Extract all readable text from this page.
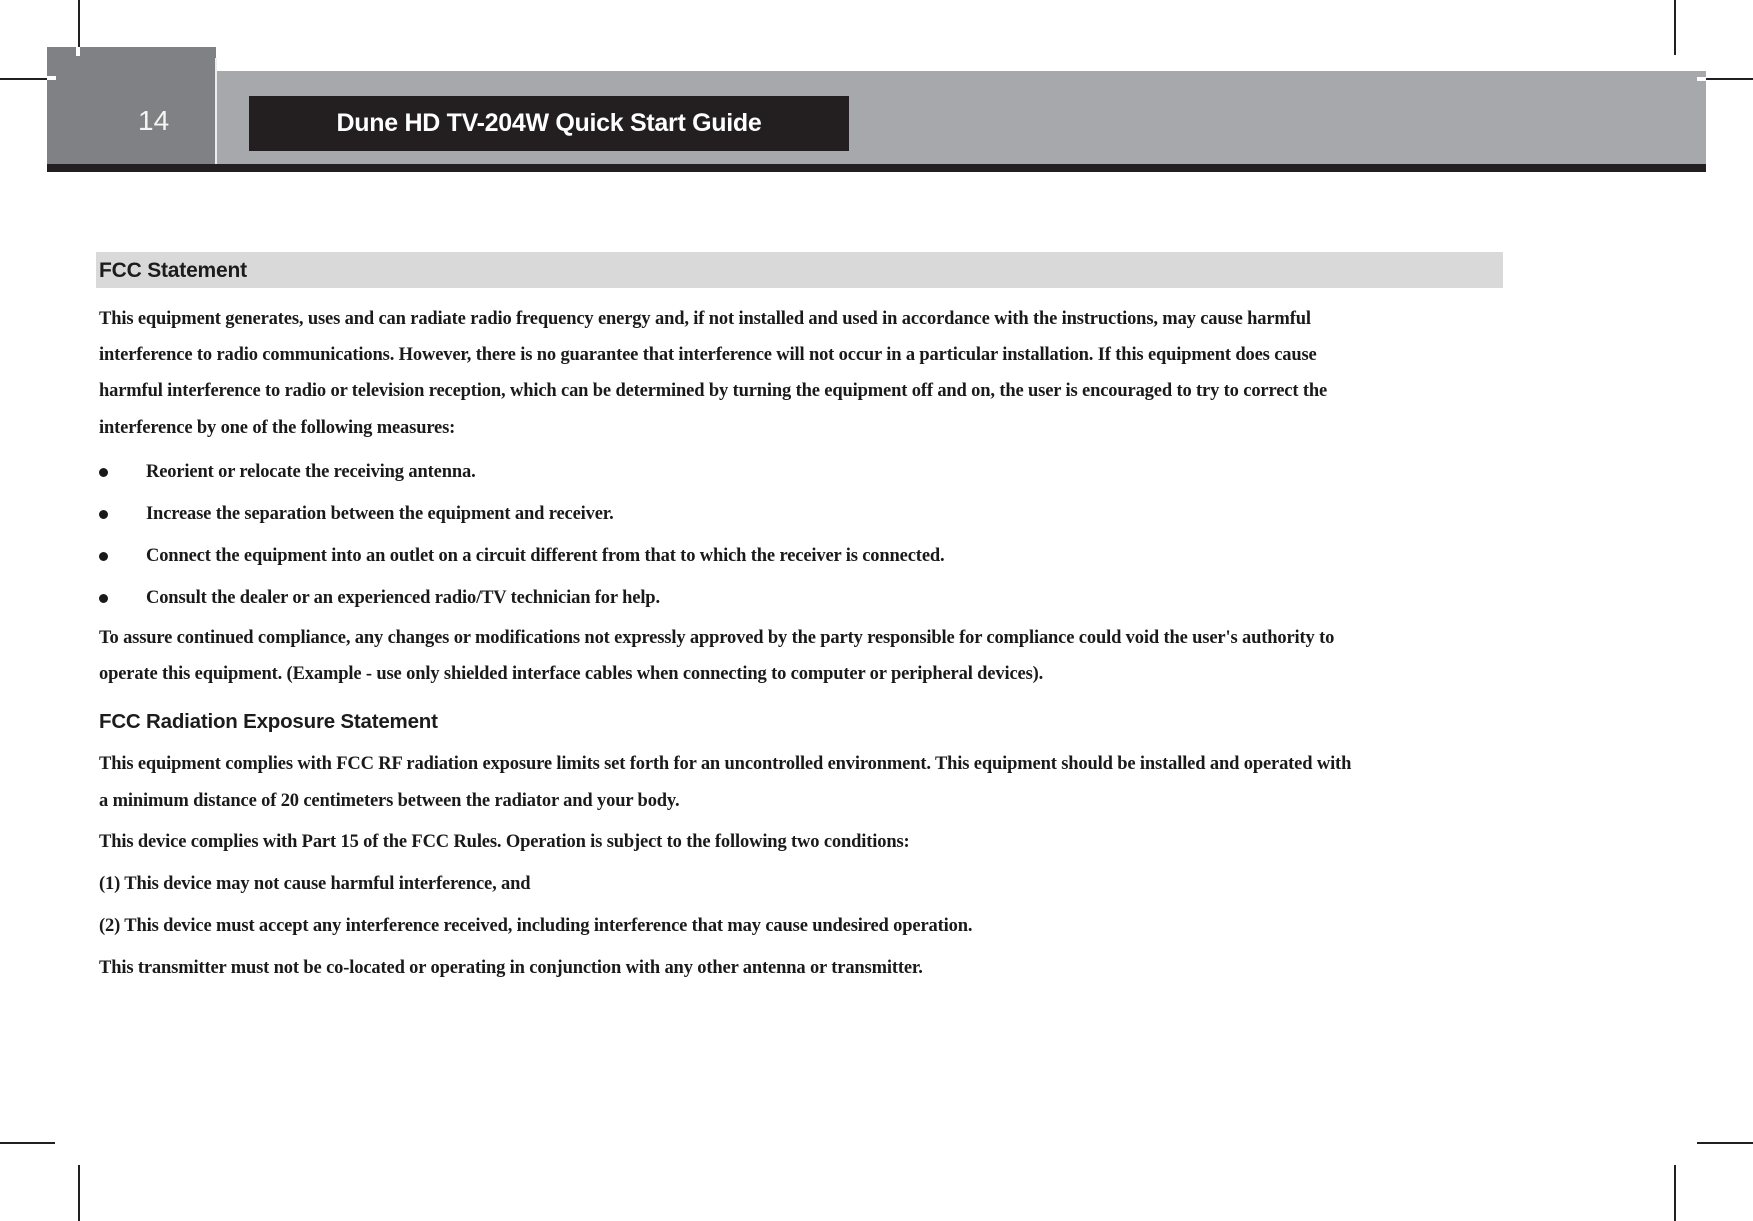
14	Dune HD TV-204W Quick Start Guide
FCC Statement
This equipment generates, uses and can radiate radio frequency energy and, if not installed and used in accordance with the instructions, may cause harmful
interference to radio communications. However, there is no guarantee that interference will not occur in a particular installation. If this equipment does cause
harmful interference to radio or television reception, which can be determined by turning the equipment off and on, the user is encouraged to try to correct the
interference by one of the following measures:
Reorient or relocate the receiving antenna.
Increase the separation between the equipment and receiver.
Connect the equipment into an outlet on a circuit different from that to which the receiver is connected.
Consult the dealer or an experienced radio/TV technician for help.
To assure continued compliance, any changes or modifications not expressly approved by the party responsible for compliance could void the user's authority to
operate this equipment. (Example - use only shielded interface cables when connecting to computer or peripheral devices).
FCC Radiation Exposure Statement
This equipment complies with FCC RF radiation exposure limits set forth for an uncontrolled environment. This equipment should be installed and operated with
a minimum distance of 20 centimeters between the radiator and your body.
This device complies with Part 15 of the FCC Rules. Operation is subject to the following two conditions:
(1) This device may not cause harmful interference, and
(2) This device must accept any interference received, including interference that may cause undesired operation.
This transmitter must not be co-located or operating in conjunction with any other antenna or transmitter.
